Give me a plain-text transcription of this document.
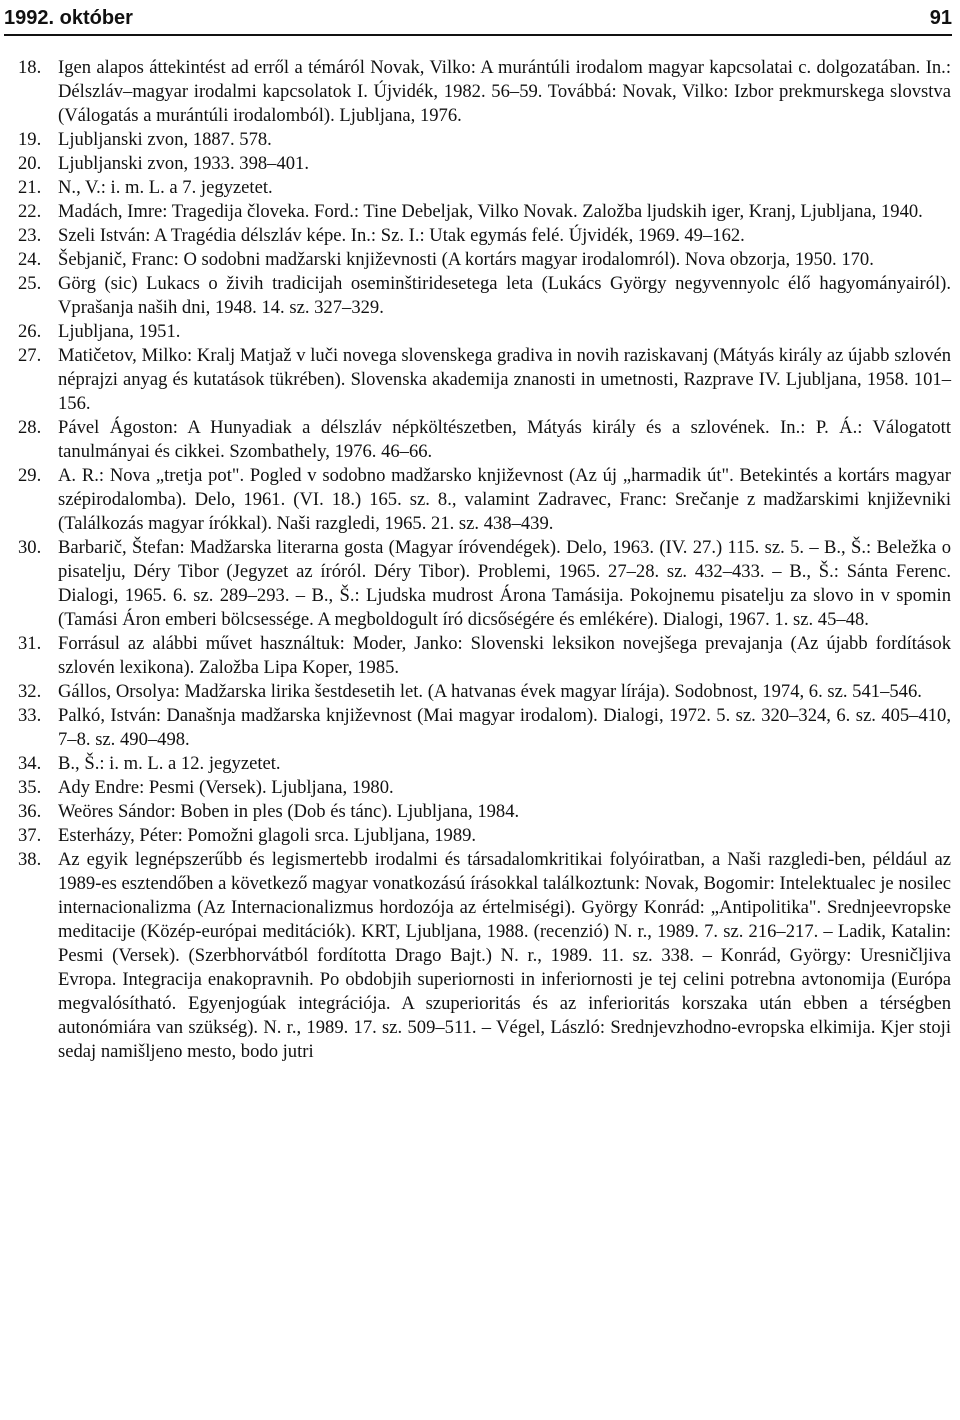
1992. október	91
18. Igen alapos áttekintést ad erről a témáról Novak, Vilko: A murántúli irodalom magyar kapcsolatai c. dolgozatában. In.: Délszláv–magyar irodalmi kapcsolatok I. Újvidék, 1982. 56–59. Továbbá: Novak, Vilko: Izbor prekmurskega slovstva (Válogatás a murántúli irodalomból). Ljubljana, 1976.
19. Ljubljanski zvon, 1887. 578.
20. Ljubljanski zvon, 1933. 398–401.
21. N., V.: i. m. L. a 7. jegyzetet.
22. Madách, Imre: Tragedija človeka. Ford.: Tine Debeljak, Vilko Novak. Založba ljudskih iger, Kranj, Ljubljana, 1940.
23. Szeli István: A Tragédia délszláv képe. In.: Sz. I.: Utak egymás felé. Újvidék, 1969. 49–162.
24. Šebjanič, Franc: O sodobni madžarski književnosti (A kortárs magyar irodalomról). Nova obzorja, 1950. 170.
25. Görg (sic) Lukacs o živih tradicijah oseminštiridesetega leta (Lukács György negyvennyolc élő hagyományairól). Vprašanja naših dni, 1948. 14. sz. 327–329.
26. Ljubljana, 1951.
27. Matičetov, Milko: Kralj Matjaž v luči novega slovenskega gradiva in novih raziskavanj (Mátyás király az újabb szlovén néprajzi anyag és kutatások tükrében). Slovenska akademija znanosti in umetnosti, Razprave IV. Ljubljana, 1958. 101–156.
28. Pável Ágoston: A Hunyadiak a délszláv népköltészetben, Mátyás király és a szlovének. In.: P. Á.: Válogatott tanulmányai és cikkei. Szombathely, 1976. 46–66.
29. A. R.: Nova „tretja pot". Pogled v sodobno madžarsko književnost (Az új „harmadik út". Betekintés a kortárs magyar szépirodalomba). Delo, 1961. (VI. 18.) 165. sz. 8., valamint Zadravec, Franc: Srečanje z madžarskimi književniki (Találkozás magyar írókkal). Naši razgledi, 1965. 21. sz. 438–439.
30. Barbarič, Štefan: Madžarska literarna gosta (Magyar íróvendégek). Delo, 1963. (IV. 27.) 115. sz. 5. – B., Š.: Beležka o pisatelju, Déry Tibor (Jegyzet az íróról. Déry Tibor). Problemi, 1965. 27–28. sz. 432–433. – B., Š.: Sánta Ferenc. Dialogi, 1965. 6. sz. 289–293. – B., Š.: Ljudska mudrost Árona Tamásija. Pokojnemu pisatelju za slovo in v spomin (Tamási Áron emberi bölcsessége. A megboldogult író dicsőségére és emlékére). Dialogi, 1967. 1. sz. 45–48.
31. Forrásul az alábbi művet használtuk: Moder, Janko: Slovenski leksikon novejšega prevajanja (Az újabb fordítások szlovén lexikona). Založba Lipa Koper, 1985.
32. Gállos, Orsolya: Madžarska lirika šestdesetih let. (A hatvanas évek magyar lírája). Sodobnost, 1974, 6. sz. 541–546.
33. Palkó, István: Današnja madžarska književnost (Mai magyar irodalom). Dialogi, 1972. 5. sz. 320–324, 6. sz. 405–410, 7–8. sz. 490–498.
34. B., Š.: i. m. L. a 12. jegyzetet.
35. Ady Endre: Pesmi (Versek). Ljubljana, 1980.
36. Weöres Sándor: Boben in ples (Dob és tánc). Ljubljana, 1984.
37. Esterházy, Péter: Pomožni glagoli srca. Ljubljana, 1989.
38. Az egyik legnépszerűbb és legismertebb irodalmi és társadalomkritikai folyóiratban, a Naši razgledi-ben, például az 1989-es esztendőben a következő magyar vonatkozású írásokkal találkoztunk: Novak, Bogomir: Intelektualec je nosilec internacionalizma (Az Internacionalizmus hordozója az értelmiségi). György Konrád: „Antipolitika". Srednjeevropske meditacije (Közép-európai meditációk). KRT, Ljubljana, 1988. (recenzió) N. r., 1989. 7. sz. 216–217. – Ladik, Katalin: Pesmi (Versek). (Szerbhorvátból fordította Drago Bajt.) N. r., 1989. 11. sz. 338. – Konrád, György: Uresničljiva Evropa. Integracija enakopravnih. Po obdobjih superiornosti in inferiornosti je tej celini potrebna avtonomija (Európa megvalósítható. Egyenjogúak integrációja. A szuperioritás és az inferioritás korszaka után ebben a térségben autonómiára van szükség). N. r., 1989. 17. sz. 509–511. – Végel, László: Srednjevzhodno-evropska elkimija. Kjer stoji sedaj namišljeno mesto, bodo jutri
